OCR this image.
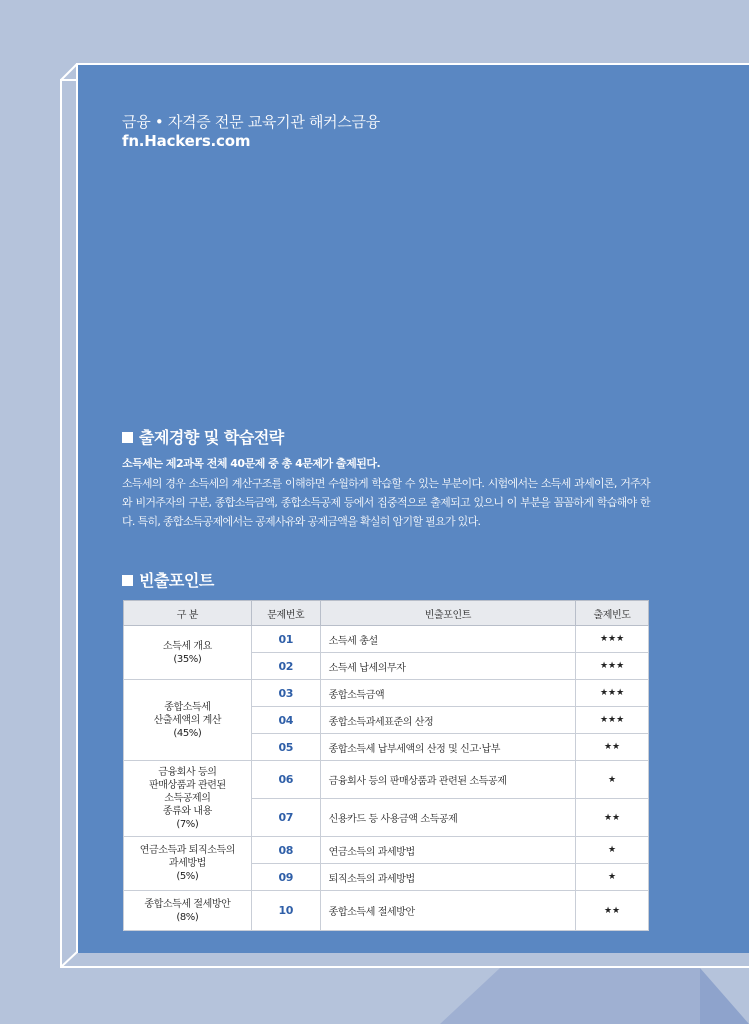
금융 • 자격증 전문 교육기관 해커스금융
fn.Hackers.com
출제경향 및 학습전략
소득세는 제2과목 전체 40문제 중 총 4문제가 출제된다.
소득세의 경우 소득세의 계산구조를 이해하면 수월하게 학습할 수 있는 부분이다. 시험에서는 소득세 과세이론, 거주자와 비거주자의 구분, 종합소득금액, 종합소득공제 등에서 집중적으로 출제되고 있으니 이 부분을 꼼꼼하게 학습해야 한다. 특히, 종합소득공제에서는 공제사유와 공제금액을 확실히 암기할 필요가 있다.
빈출포인트
구 분	문제번호	빈출포인트	출제빈도

소득세 개요
(35%)	01	소득세 총설	★★★
	02	소득세 납세의무자	★★★

종합소득세
산출세액의 계산
(45%)	03	종합소득금액	★★★
	04	종합소득과세표준의 산정	★★★
	05	종합소득세 납부세액의 산정 및 신고·납부	★★

금융회사 등의
판매상품과 관련된
소득공제의
종류와 내용
(7%)	06	금융회사 등의 판매상품과 관련된 소득공제	★
	07	신용카드 등 사용금액 소득공제	★★

연금소득과 퇴직소득의
과세방법
(5%)	08	연금소득의 과세방법	★
	09	퇴직소득의 과세방법	★

종합소득세 절세방안
(8%)	10	종합소득세 절세방안	★★
